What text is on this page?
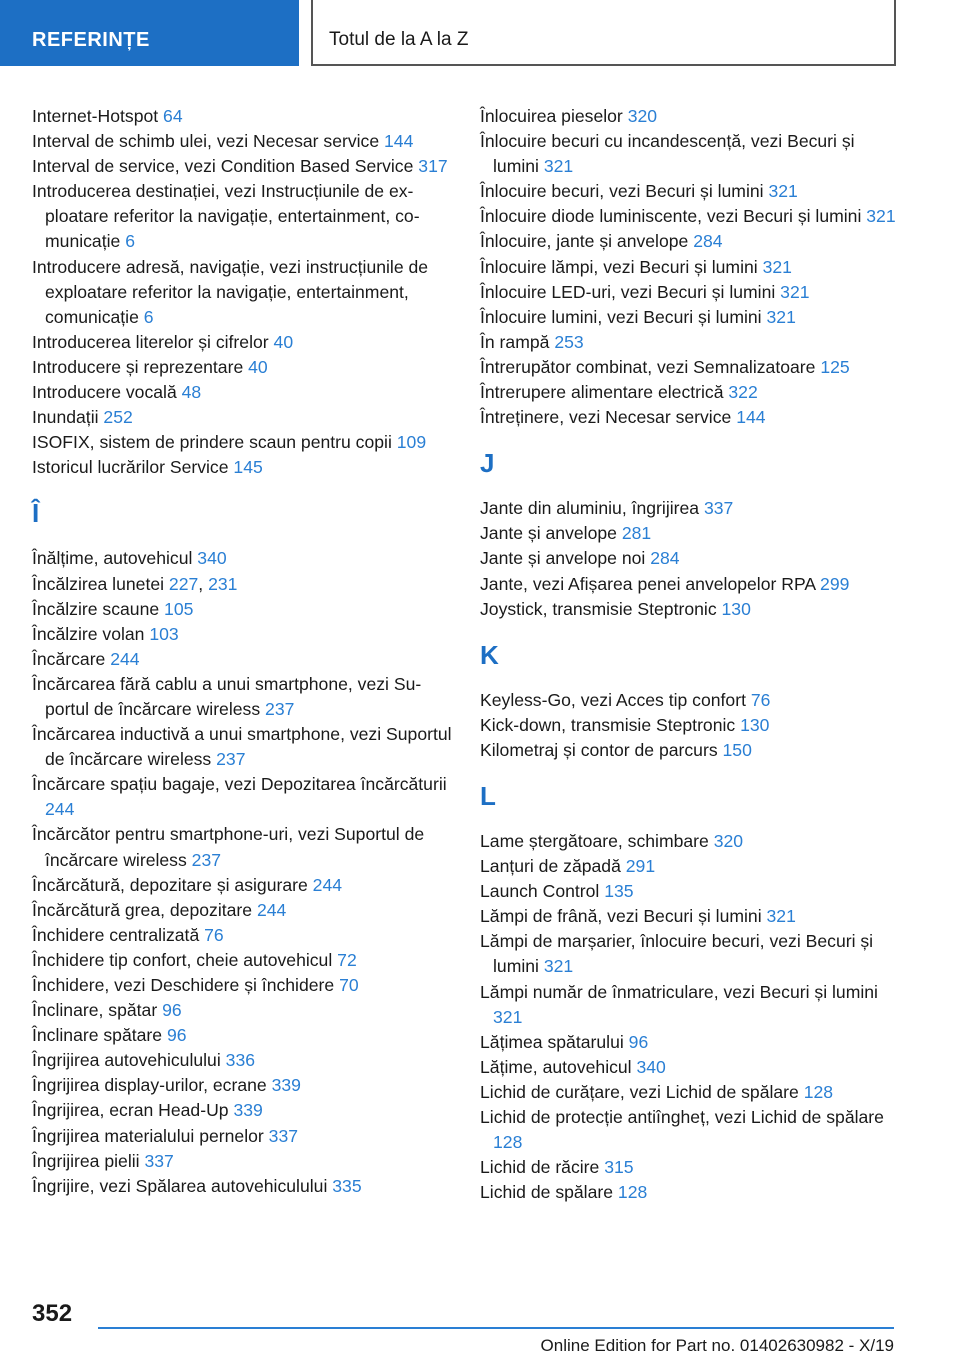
REFERINȚE	Totul de la A la Z
Internet-Hotspot 64
Interval de schimb ulei, vezi Necesar service 144
Interval de service, vezi Condition Based Service 317
Introducerea destinației, vezi Instrucțiunile de exploatare referitor la navigație, entertainment, comunicație 6
Introducere adresă, navigație, vezi instrucțiunile de exploatare referitor la navigație, entertainment, comunicație 6
Introducerea literelor și cifrelor 40
Introducere și reprezentare 40
Introducere vocală 48
Inundații 252
ISOFIX, sistem de prindere scaun pentru copii 109
Istoricul lucrărilor Service 145
Î
Înălțime, autovehicul 340
Încălzirea lunetei 227, 231
Încălzire scaune 105
Încălzire volan 103
Încărcare 244
Încărcarea fără cablu a unui smartphone, vezi Suportul de încărcare wireless 237
Încărcarea inductivă a unui smartphone, vezi Suportul de încărcare wireless 237
Încărcare spațiu bagaje, vezi Depozitarea încărcăturii 244
Încărcător pentru smartphone-uri, vezi Suportul de încărcare wireless 237
Încărcătură, depozitare și asigurare 244
Încărcătură grea, depozitare 244
Închidere centralizată 76
Închidere tip confort, cheie autovehicul 72
Închidere, vezi Deschidere și închidere 70
Înclinare, spătar 96
Înclinare spătare 96
Îngrijirea autovehiculului 336
Îngrijirea display-urilor, ecrane 339
Îngrijirea, ecran Head-Up 339
Îngrijirea materialului pernelor 337
Îngrijirea pielii 337
Îngrijire, vezi Spălarea autovehiculului 335
Înlocuirea pieselor 320
Înlocuire becuri cu incandescență, vezi Becuri și lumini 321
Înlocuire becuri, vezi Becuri și lumini 321
Înlocuire diode luminiscente, vezi Becuri și lumini 321
Înlocuire, jante și anvelope 284
Înlocuire lămpi, vezi Becuri și lumini 321
Înlocuire LED-uri, vezi Becuri și lumini 321
Înlocuire lumini, vezi Becuri și lumini 321
În rampă 253
Întrerupător combinat, vezi Semnalizatoare 125
Întrerupere alimentare electrică 322
Întreținere, vezi Necesar service 144
J
Jante din aluminiu, îngrijirea 337
Jante și anvelope 281
Jante și anvelope noi 284
Jante, vezi Afișarea penei anvelopelor RPA 299
Joystick, transmisie Steptronic 130
K
Keyless-Go, vezi Acces tip confort 76
Kick-down, transmisie Steptronic 130
Kilometraj și contor de parcurs 150
L
Lame ștergătoare, schimbare 320
Lanțuri de zăpadă 291
Launch Control 135
Lămpi de frână, vezi Becuri și lumini 321
Lămpi de marșarier, înlocuire becuri, vezi Becuri și lumini 321
Lămpi număr de înmatriculare, vezi Becuri și lumini 321
Lățimea spătarului 96
Lățime, autovehicul 340
Lichid de curățare, vezi Lichid de spălare 128
Lichid de protecție antiîngheț, vezi Lichid de spălare 128
Lichid de răcire 315
Lichid de spălare 128
352
Online Edition for Part no. 01402630982 - X/19
